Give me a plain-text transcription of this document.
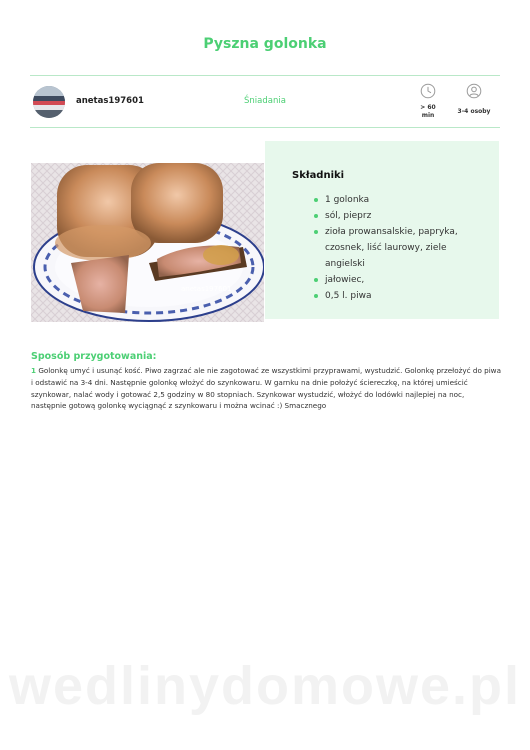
Pyszna golonka
anetas197601	Śniadania
> 60
min
3-4 osoby
anetas197601
Składniki
1 golonka
sól, pieprz
zioła prowansalskie, papryka, czosnek, liść laurowy, ziele angielski
jałowiec,
0,5 l. piwa
Sposób przygotowania:
1 Golonkę umyć i usunąć kość. Piwo zagrzać ale nie zagotować ze wszystkimi przyprawami, wystudzić. Golonkę przełożyć do piwa i odstawić na 3-4 dni. Następnie golonkę włożyć do szynkowaru. W garnku na dnie położyć ściereczkę, na której umieścić szynkowar, nalać wody i gotować 2,5 godziny w 80 stopniach. Szynkowar wystudzić, włożyć do lodówki najlepiej na noc, następnie gotową golonkę wyciągnąć z szynkowaru i można wcinać :) Smacznego
wedlinydomowe.pl
